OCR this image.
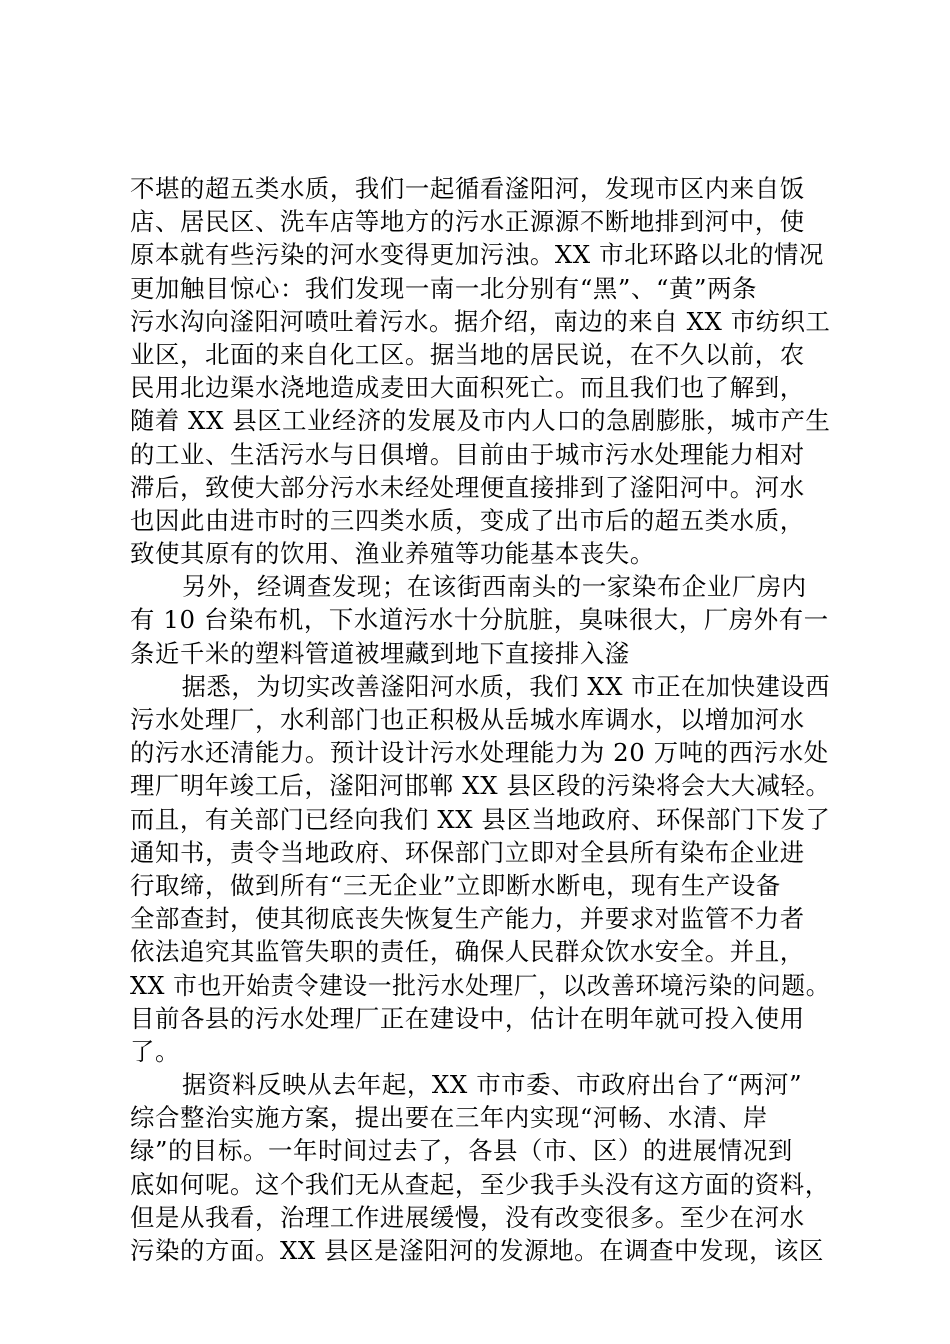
不堪的超五类水质，我们一起循看滏阳河，发现市区内来自饭
店、居民区、洗车店等地方的污水正源源不断地排到河中，使
原本就有些污染的河水变得更加污浊。XX 市北环路以北的情况
更加触目惊心：我们发现一南一北分别有“黑”、“黄”两条
污水沟向滏阳河喷吐着污水。据介绍，南边的来自 XX 市纺织工
业区，北面的来自化工区。据当地的居民说，在不久以前，农
民用北边渠水浇地造成麦田大面积死亡。而且我们也了解到，
随着 XX 县区工业经济的发展及市内人口的急剧膨胀，城市产生
的工业、生活污水与日俱增。目前由于城市污水处理能力相对
滞后，致使大部分污水未经处理便直接排到了滏阳河中。河水
也因此由进市时的三四类水质，变成了出市后的超五类水质，
致使其原有的饮用、渔业养殖等功能基本丧失。
另外，经调查发现；在该街西南头的一家染布企业厂房内
有 10 台染布机，下水道污水十分肮脏，臭味很大，厂房外有一
条近千米的塑料管道被埋藏到地下直接排入滏
据悉，为切实改善滏阳河水质，我们 XX 市正在加快建设西
污水处理厂，水利部门也正积极从岳城水库调水，以增加河水
的污水还清能力。预计设计污水处理能力为 20 万吨的西污水处
理厂明年竣工后，滏阳河邯郸 XX 县区段的污染将会大大减轻。
而且，有关部门已经向我们 XX 县区当地政府、环保部门下发了
通知书，责令当地政府、环保部门立即对全县所有染布企业进
行取缔，做到所有“三无企业”立即断水断电，现有生产设备
全部查封，使其彻底丧失恢复生产能力，并要求对监管不力者
依法追究其监管失职的责任，确保人民群众饮水安全。并且，
XX 市也开始责令建设一批污水处理厂，以改善环境污染的问题。
目前各县的污水处理厂正在建设中，估计在明年就可投入使用
了。
据资料反映从去年起，XX 市市委、市政府出台了“两河”
综合整治实施方案，提出要在三年内实现“河畅、水清、岸
绿”的目标。一年时间过去了，各县（市、区）的进展情况到
底如何呢。这个我们无从查起，至少我手头没有这方面的资料，
但是从我看，治理工作进展缓慢，没有改变很多。至少在河水
污染的方面。XX 县区是滏阳河的发源地。在调查中发现，该区
